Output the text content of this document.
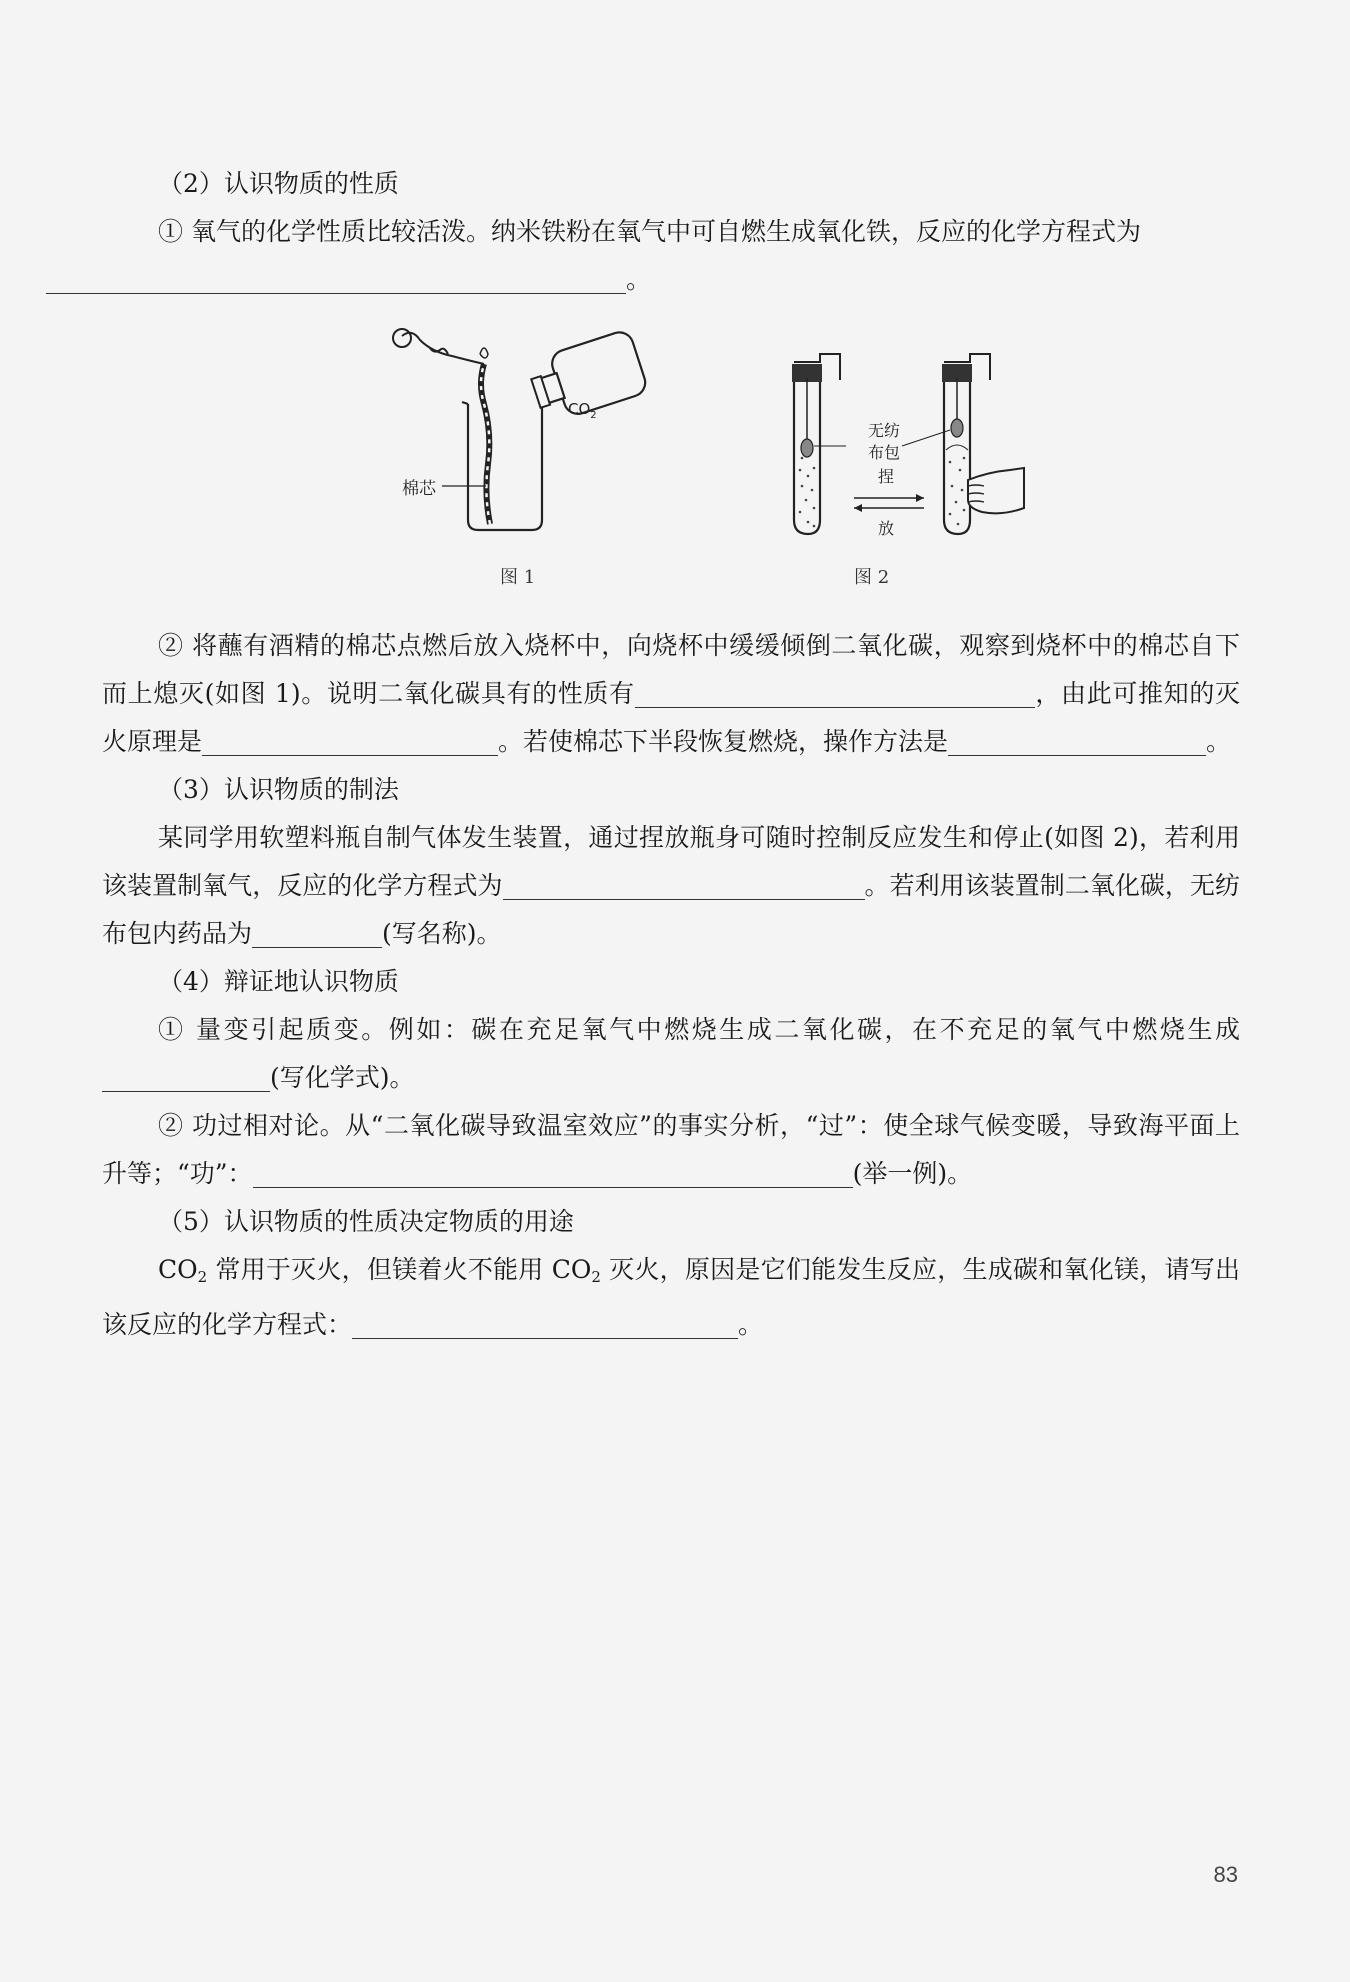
（2）认识物质的性质

① 氧气的化学性质比较活泼。纳米铁粉在氧气中可自燃生成氧化铁，反应的化学方程式为
。

棉芯
$CO_2$
图 1
无纺
布包
捏
放
图 2

② 将蘸有酒精的棉芯点燃后放入烧杯中，向烧杯中缓缓倾倒二氧化碳，观察到烧杯中的棉芯自下而上熄灭(如图 1)。说明二氧化碳具有的性质有	，由此可推知的灭火原理是	。若使棉芯下半段恢复燃烧，操作方法是	。

（3）认识物质的制法

某同学用软塑料瓶自制气体发生装置，通过捏放瓶身可随时控制反应发生和停止(如图 2)，若利用该装置制氧气，反应的化学方程式为	。若利用该装置制二氧化碳，无纺布包内药品为	(写名称)。

（4）辩证地认识物质

① 量变引起质变。例如：碳在充足氧气中燃烧生成二氧化碳，在不充足的氧气中燃烧生成(写化学式)。

② 功过相对论。从“二氧化碳导致温室效应”的事实分析，“过”：使全球气候变暖，导致海平面上升等；“功”：	(举一例)。

（5）认识物质的性质决定物质的用途

$CO_2$ 常用于灭火，但镁着火不能用 $CO_2$ 灭火，原因是它们能发生反应，生成碳和氧化镁，请写出该反应的化学方程式：	。

83
